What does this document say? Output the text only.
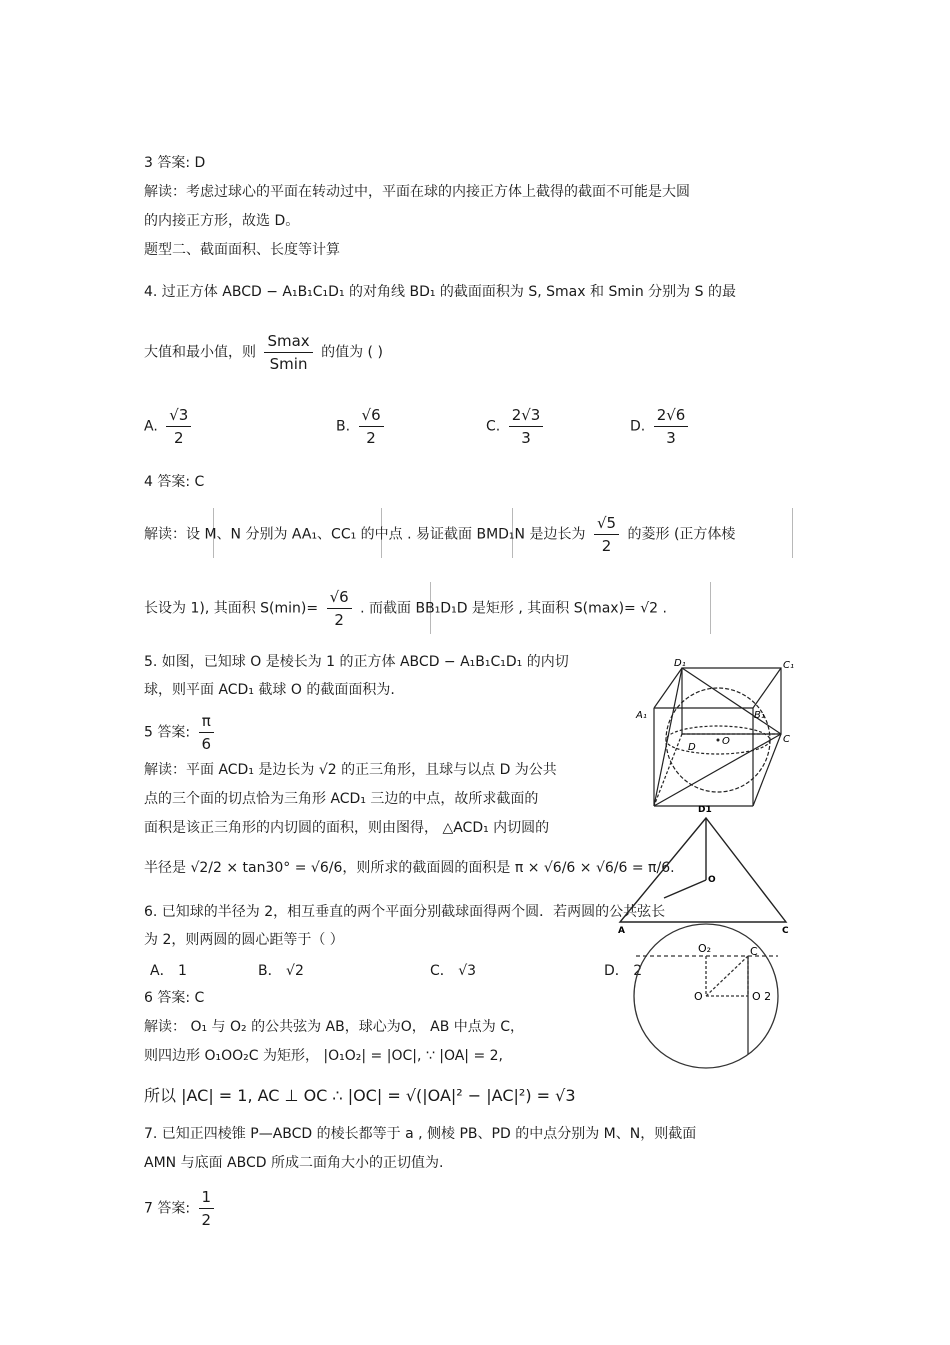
3 答案: D
解读：考虑过球心的平面在转动过中，平面在球的内接正方体上截得的截面不可能是大圆
的内接正方形，故选 D。
题型二、截面面积、长度等计算
4. 过正方体 ABCD − A₁B₁C₁D₁ 的对角线 BD₁ 的截面面积为 S, Smax 和 Smin 分别为 S 的最
大值和最小值，则 $\frac{Smax}{Smin}$ 的值为 ( )
A. $\frac{√3}{2}$	B. $\frac{√6}{2}$	C. $\frac{2√3}{3}$	D. $\frac{2√6}{3}$
4 答案: C
解读：设 M、N 分别为 AA₁、CC₁ 的中点 . 易证截面 BMD₁N 是边长为 $\frac{√5}{2}$ 的菱形 (正方体棱
长设为 1), 其面积 $S(\min)= \frac{√6}{2}$ . 而截面 BB₁D₁D 是矩形 , 其面积 S(max)= √2 .
5. 如图，已知球 O 是棱长为 1 的正方体 ABCD − A₁B₁C₁D₁ 的内切
球，则平面 ACD₁ 截球 O 的截面面积为.
5 答案: $\frac{\pi}{6}$
解读：平面 ACD₁ 是边长为 √2 的正三角形，且球与以点 D 为公共
点的三个面的切点恰为三角形 ACD₁ 三边的中点，故所求截面的
面积是该正三角形的内切圆的面积，则由图得， △ACD₁ 内切圆的
半径是 √2/2 × tan30° = √6/6，则所求的截面圆的面积是 π × √6/6 × √6/6 = π/6.
D₁	C₁
A₁	B₁
O
D
C
D1
O
A	C
6. 已知球的半径为 2，相互垂直的两个平面分别截球面得两个圆．若两圆的公共弦长
为 2，则两圆的圆心距等于（ ）
A． 1	B． √2	C． √3	D． 2
6 答案: C
解读： O₁ 与 O₂ 的公共弦为 AB，球心为O， AB 中点为 C，
则四边形 O₁OO₂C 为矩形， |O₁O₂| = |OC|, ∵ |OA| = 2,
所以 |AC| = 1, AC ⊥ OC ∴ |OC| = √(|OA|² − |AC|²) = √3
O₂	C
O	O 2
7. 已知正四棱锥 P—ABCD 的棱长都等于 a , 侧棱 PB、PD 的中点分别为 M、N，则截面
AMN 与底面 ABCD 所成二面角大小的正切值为.
7 答案: $\frac{1}{2}$
